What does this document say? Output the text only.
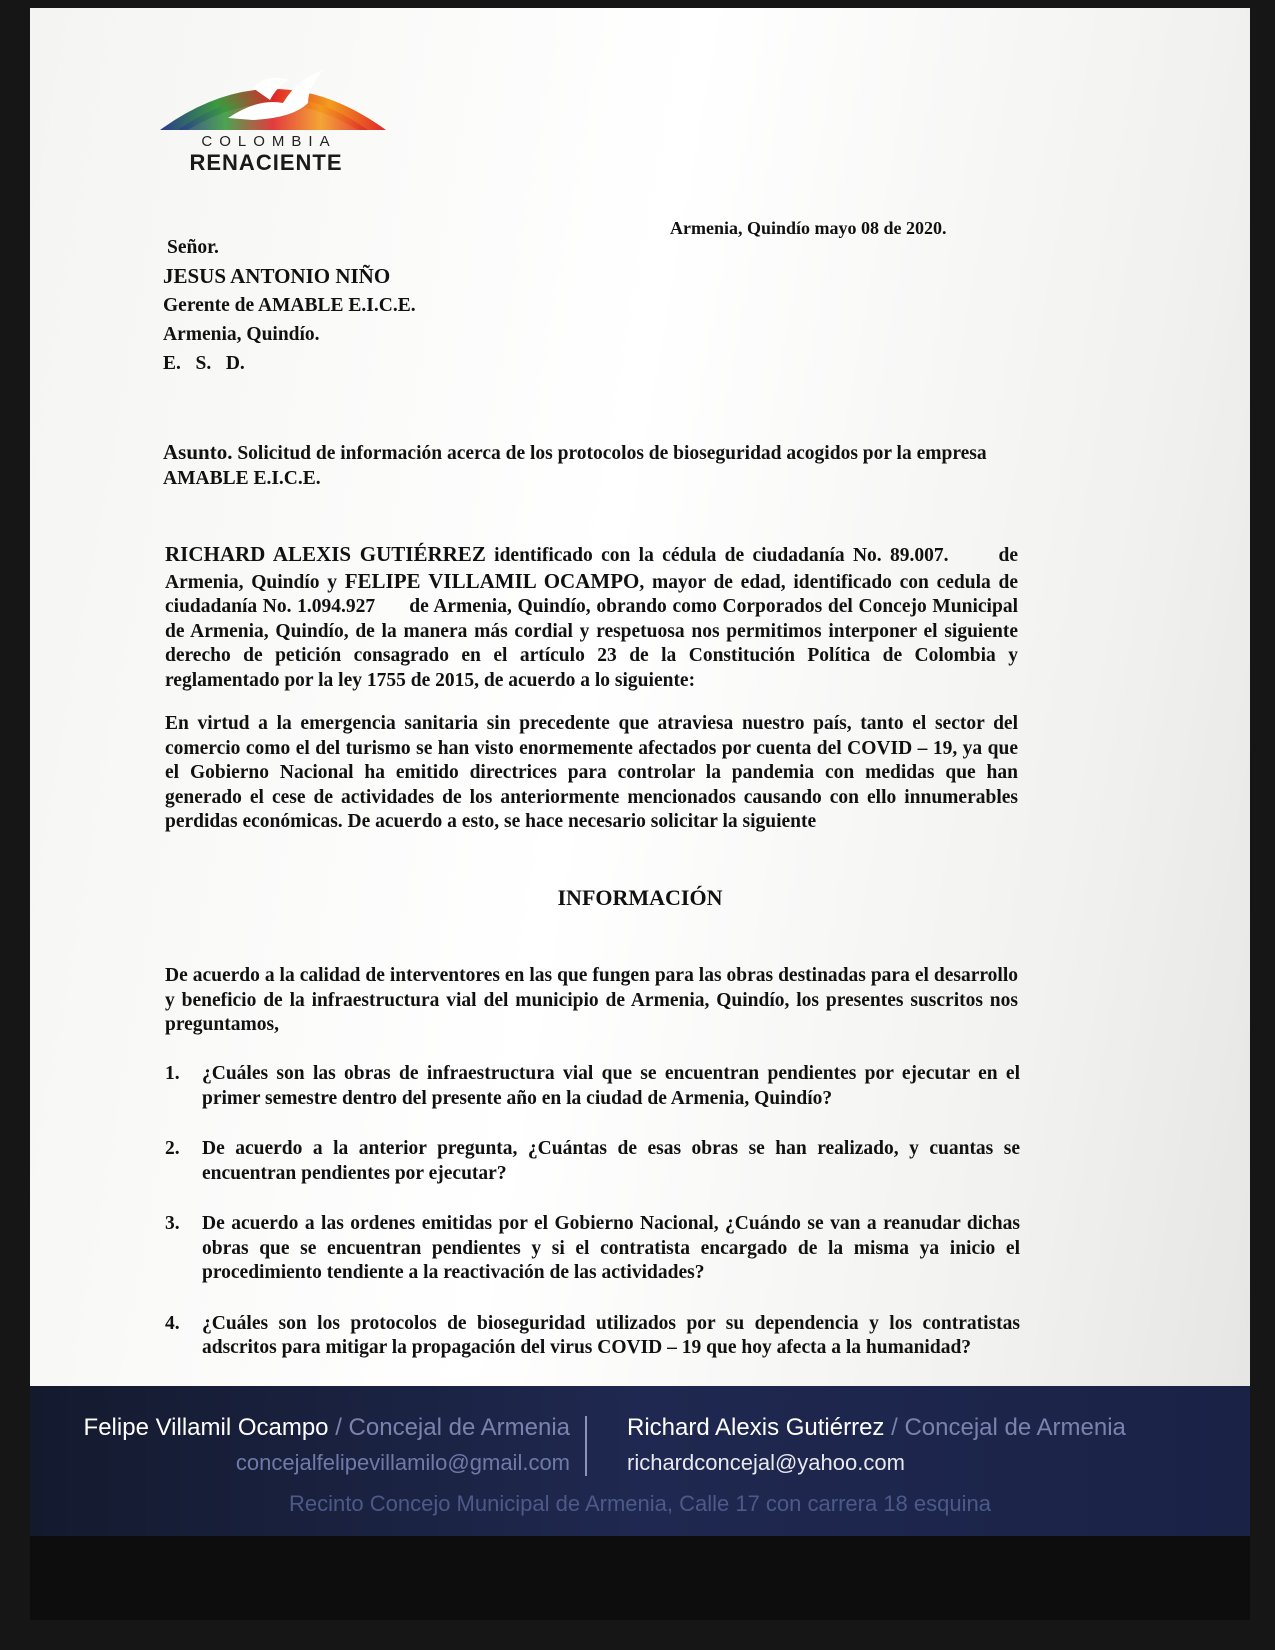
COLOMBIA
RENACIENTE
Armenia, Quindío mayo 08 de 2020.
Señor.
JESUS ANTONIO NIÑO
Gerente de AMABLE E.I.C.E.
Armenia, Quindío.
E.   S.   D.
Asunto. Solicitud de información acerca de los protocolos de bioseguridad acogidos por la empresa AMABLE E.I.C.E.
RICHARD ALEXIS GUTIÉRREZ identificado con la cédula de ciudadanía No. 89.007.      de Armenia, Quindío y FELIPE VILLAMIL OCAMPO, mayor de edad, identificado con cedula de ciudadanía No. 1.094.927      de Armenia, Quindío, obrando como Corporados del Concejo Municipal de Armenia, Quindío, de la manera más cordial y respetuosa nos permitimos interponer el siguiente derecho de petición consagrado en el artículo 23 de la Constitución Política de Colombia y reglamentado por la ley 1755 de 2015, de acuerdo a lo siguiente:
En virtud a la emergencia sanitaria sin precedente que atraviesa nuestro país, tanto el sector del comercio como el del turismo se han visto enormemente afectados por cuenta del COVID – 19, ya que el Gobierno Nacional ha emitido directrices para controlar la pandemia con medidas que han generado el cese de actividades de los anteriormente mencionados causando con ello innumerables perdidas económicas. De acuerdo a esto, se hace necesario solicitar la siguiente
INFORMACIÓN
De acuerdo a la calidad de interventores en las que fungen para las obras destinadas para el desarrollo y beneficio de la infraestructura vial del municipio de Armenia, Quindío, los presentes suscritos nos preguntamos,
1.	¿Cuáles son las obras de infraestructura vial que se encuentran pendientes por ejecutar en el primer semestre dentro del presente año en la ciudad de Armenia, Quindío?
2.	De acuerdo a la anterior pregunta, ¿Cuántas de esas obras se han realizado, y cuantas se encuentran pendientes por ejecutar?
3.	De acuerdo a las ordenes emitidas por el Gobierno Nacional, ¿Cuándo se van a reanudar dichas obras que se encuentran pendientes y si el contratista encargado de la misma ya inicio el procedimiento tendiente a la reactivación de las actividades?
4.	¿Cuáles son los protocolos de bioseguridad utilizados por su dependencia y los contratistas adscritos para mitigar la propagación del virus COVID – 19 que hoy afecta a la humanidad?
Felipe Villamil Ocampo / Concejal de Armenia
concejalfelipevillamilo@gmail.com
Richard Alexis Gutiérrez / Concejal de Armenia
richardconcejal@yahoo.com
Recinto Concejo Municipal de Armenia, Calle 17 con carrera 18 esquina
